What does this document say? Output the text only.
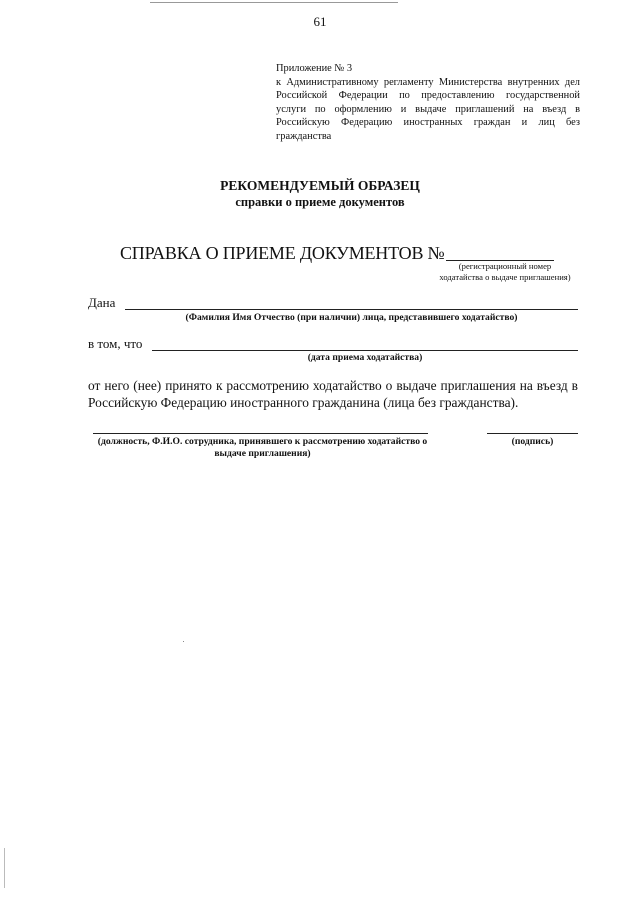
61
Приложение № 3
к Административному регламенту Министерства внутренних дел
Российской Федерации по предоставлению государственной
услуги по оформлению и выдаче приглашений на въезд в
Российскую Федерацию иностранных граждан и лиц без
гражданства
РЕКОМЕНДУЕМЫЙ ОБРАЗЕЦ
справки о приеме документов
СПРАВКА О ПРИЕМЕ ДОКУМЕНТОВ №
(регистрационный номер
ходатайства о выдаче приглашения)
Дана
(Фамилия Имя Отчество (при наличии) лица, представившего ходатайство)
в том, что
(дата приема ходатайства)
от него (нее) принято к рассмотрению ходатайство о выдаче приглашения на въезд в
Российскую Федерацию иностранного гражданина (лица без гражданства).
(должность, Ф.И.О. сотрудника, принявшего к рассмотрению ходатайство о
выдаче приглашения)
(подпись)
